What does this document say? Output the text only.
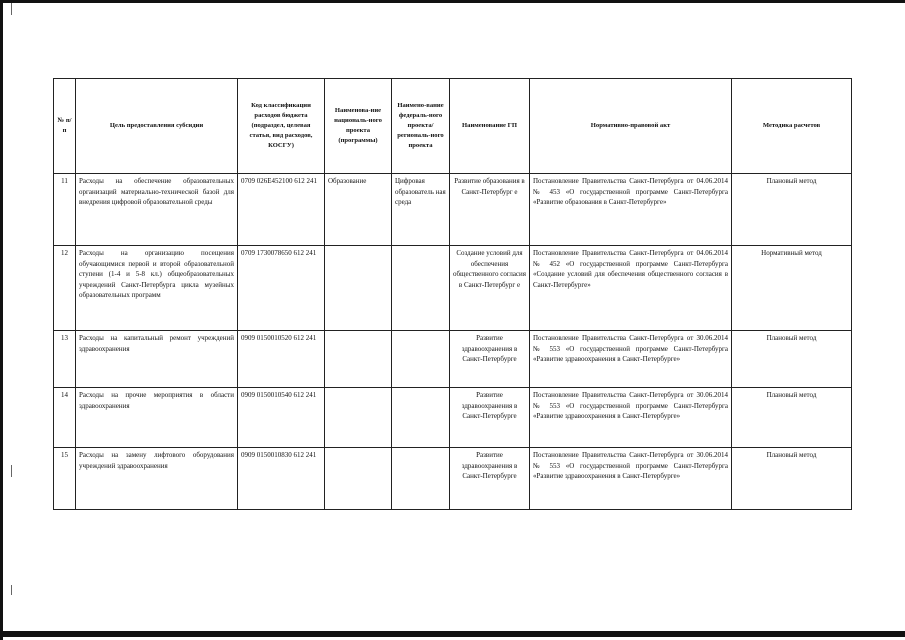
№ п/ п	Цель предоставления субсидии	Код классификации расходов бюджета (подраздел, целевая статья, вид расходов, КОСГУ)	Наименова-ние националь-ного проекта (программы)	Наимено-вание федераль-ного проекта/ региональ-ного проекта	Наименование ГП	Нормативно-правовой акт	Методика расчетов
11	Расходы на обеспечение образовательных организаций материально-технической базой для внедрения цифровой образовательной среды	0709 026E452100 612 241	Образование	Цифровая образователь ная среда	Развитие образования в Санкт-Петербург е	Постановление Правительства Санкт-Петербурга от 04.06.2014 № 453 «О государственной программе Санкт-Петербурга «Развитие образования в Санкт-Петербурге»	Плановый метод
12	Расходы на организацию посещения обучающимися первой и второй образовательной ступени (1-4 и 5-8 кл.) общеобразовательных учреждений Санкт-Петербурга цикла музейных образовательных программ	0709 1730078650 612 241			Создание условий для обеспечения общественного согласия в Санкт-Петербург е	Постановление Правительства Санкт-Петербурга от 04.06.2014 № 452 «О государственной программе Санкт-Петербурга «Создание условий для обеспечения общественного согласия в Санкт-Петербурге»	Нормативный метод
13	Расходы на капитальный ремонт учреждений здравоохранения	0909 0150010520 612 241			Развитие здравоохранения в Санкт-Петербурге	Постановление Правительства Санкт-Петербурга от 30.06.2014 № 553 «О государственной программе Санкт-Петербурга «Развитие здравоохранения в Санкт-Петербурге»	Плановый метод
14	Расходы на прочие мероприятия в области здравоохранения	0909 0150010540 612 241			Развитие здравоохранения в Санкт-Петербурге	Постановление Правительства Санкт-Петербурга от 30.06.2014 № 553 «О государственной программе Санкт-Петербурга «Развитие здравоохранения в Санкт-Петербурге»	Плановый метод
15	Расходы на замену лифтового оборудования учреждений здравоохранения	0909 0150010830 612 241			Развитие здравоохранения в Санкт-Петербурге	Постановление Правительства Санкт-Петербурга от 30.06.2014 № 553 «О государственной программе Санкт-Петербурга «Развитие здравоохранения в Санкт-Петербурге»	Плановый метод
